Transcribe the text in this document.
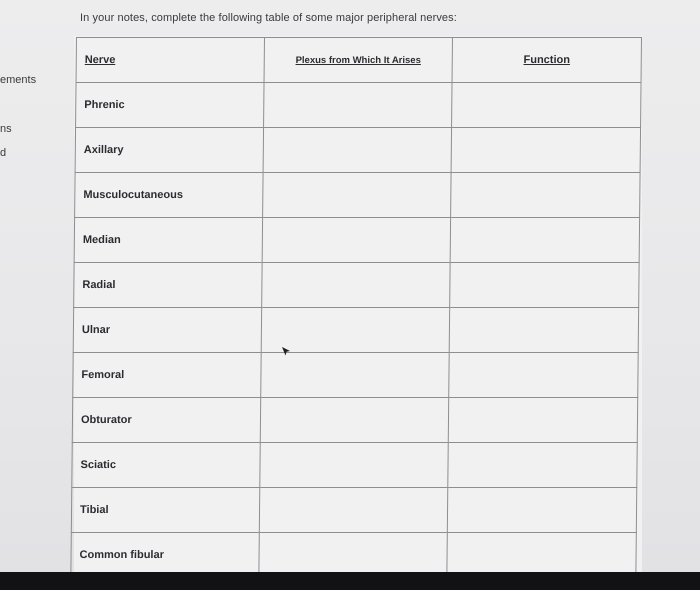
ements
ns
d
In your notes, complete the following table of some major peripheral nerves:
Nerve	Plexus from Which It Arises	Function
Phrenic		
Axillary		
Musculocutaneous		
Median		
Radial		
Ulnar		
Femoral		
Obturator		
Sciatic		
Tibial		
Common fibular		
